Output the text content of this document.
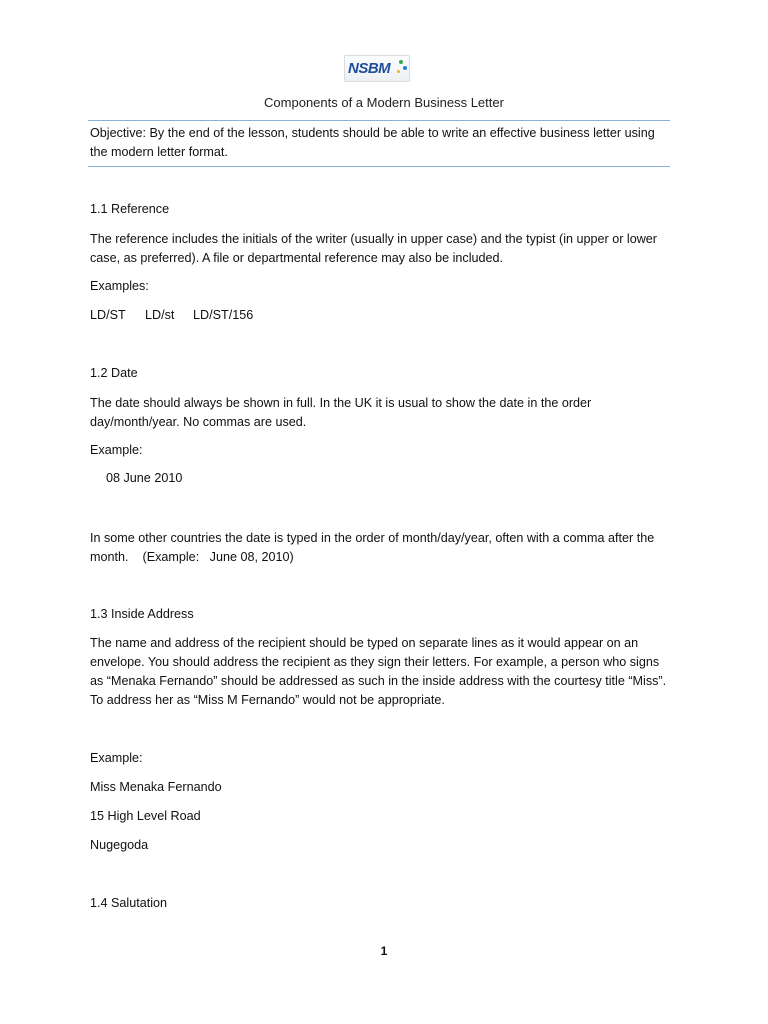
NSBM
Components of a Modern Business Letter
Objective: By the end of the lesson, students should be able to write an effective business letter using the modern letter format.
1.1 Reference
The reference includes the initials of the writer (usually in upper case) and the typist (in upper or lower case, as preferred). A file or departmental reference may also be included.
Examples:
LD/ST LD/st LD/ST/156
1.2 Date
The date should always be shown in full. In the UK it is usual to show the date in the order day/month/year. No commas are used.
Example:
08 June 2010
In some other countries the date is typed in the order of month/day/year, often with a comma after the month.    (Example:   June 08, 2010)
1.3 Inside Address
The name and address of the recipient should be typed on separate lines as it would appear on an envelope. You should address the recipient as they sign their letters. For example, a person who signs as “Menaka Fernando” should be addressed as such in the inside address with the courtesy title “Miss”. To address her as “Miss M Fernando” would not be appropriate.
Example:
Miss Menaka Fernando
15 High Level Road
Nugegoda
1.4 Salutation
1
